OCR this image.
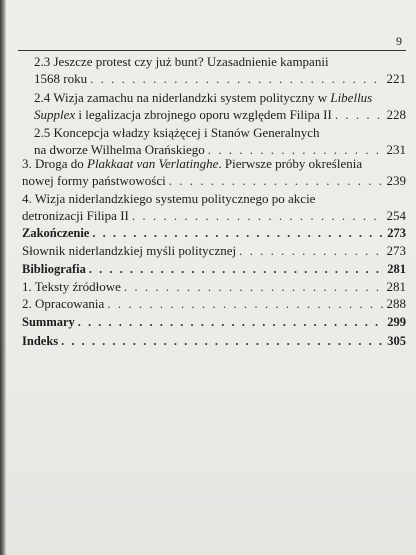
9
2.3 Jeszcze protest czy już bunt? Uzasadnienie kampanii
1568 roku . . .	221
2.4 Wizja zamachu na niderlandzki system polityczny w Libellus
Supplex i legalizacja zbrojnego oporu względem Filipa II . . .	228
2.5 Koncepcja władzy książęcej i Stanów Generalnych
na dworze Wilhelma Orańskiego . . .	231
3. Droga do Plakkaat van Verlatinghe. Pierwsze próby określenia
nowej formy państwowości . . .	239
4. Wizja niderlandzkiego systemu politycznego po akcie
detronizacji Filipa II . . .	254
Zakończenie . . .	273
Słownik niderlandzkiej myśli politycznej . . .	273
Bibliografia . . .	281
1. Teksty źródłowe . . .	281
2. Opracowania . . .	288
Summary . . .	299
Indeks . . .	305
